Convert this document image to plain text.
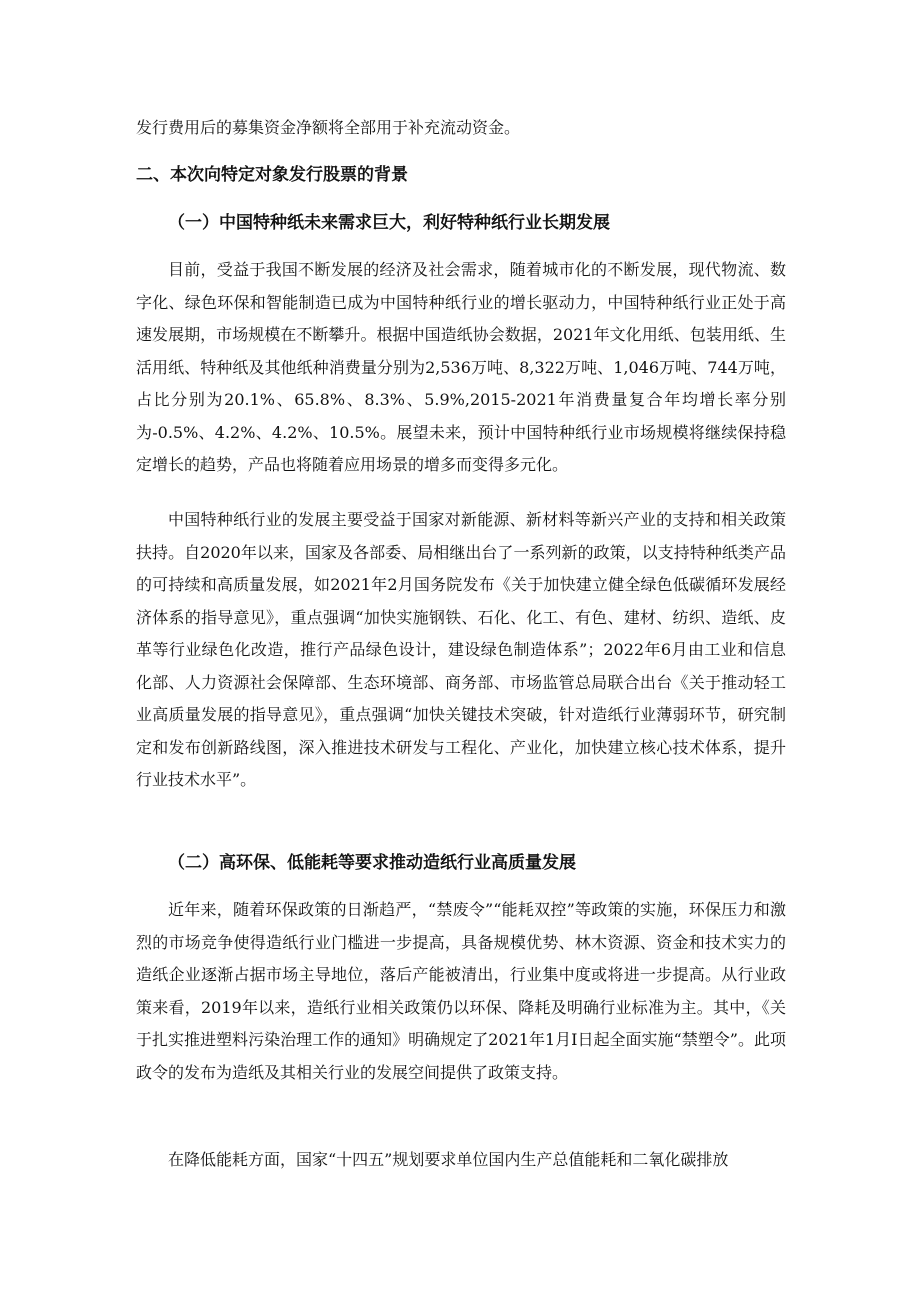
发行费用后的募集资金净额将全部用于补充流动资金。

二、本次向特定对象发行股票的背景
（一）中国特种纸未来需求巨大，利好特种纸行业长期发展

目前，受益于我国不断发展的经济及社会需求，随着城市化的不断发展，现代物流、数字化、绿色环保和智能制造已成为中国特种纸行业的增长驱动力，中国特种纸行业正处于高速发展期，市场规模在不断攀升。根据中国造纸协会数据，2021年文化用纸、包装用纸、生活用纸、特种纸及其他纸种消费量分别为2,536万吨、8,322万吨、1,046万吨、744万吨，占比分别为20.1%、65.8%、8.3%、5.9%,2015-2021年消费量复合年均增长率分别为-0.5%、4.2%、4.2%、10.5%。展望未来，预计中国特种纸行业市场规模将继续保持稳定增长的趋势，产品也将随着应用场景的增多而变得多元化。

中国特种纸行业的发展主要受益于国家对新能源、新材料等新兴产业的支持和相关政策扶持。自2020年以来，国家及各部委、局相继出台了一系列新的政策，以支持特种纸类产品的可持续和高质量发展，如2021年2月国务院发布《关于加快建立健全绿色低碳循环发展经济体系的指导意见》，重点强调“加快实施钢铁、石化、化工、有色、建材、纺织、造纸、皮革等行业绿色化改造，推行产品绿色设计，建设绿色制造体系”；2022年6月由工业和信息化部、人力资源社会保障部、生态环境部、商务部、市场监管总局联合出台《关于推动轻工业高质量发展的指导意见》，重点强调“加快关键技术突破，针对造纸行业薄弱环节，研究制定和发布创新路线图，深入推进技术研发与工程化、产业化，加快建立核心技术体系，提升行业技术水平”。

（二）高环保、低能耗等要求推动造纸行业高质量发展

近年来，随着环保政策的日渐趋严，“禁废令”“能耗双控”等政策的实施，环保压力和激烈的市场竞争使得造纸行业门槛进一步提高，具备规模优势、林木资源、资金和技术实力的造纸企业逐渐占据市场主导地位，落后产能被清出，行业集中度或将进一步提高。从行业政策来看，2019年以来，造纸行业相关政策仍以环保、降耗及明确行业标准为主。其中，《关于扎实推进塑料污染治理工作的通知》明确规定了2021年1月I日起全面实施“禁塑令”。此项政令的发布为造纸及其相关行业的发展空间提供了政策支持。

在降低能耗方面，国家“十四五”规划要求单位国内生产总值能耗和二氧化碳排放
